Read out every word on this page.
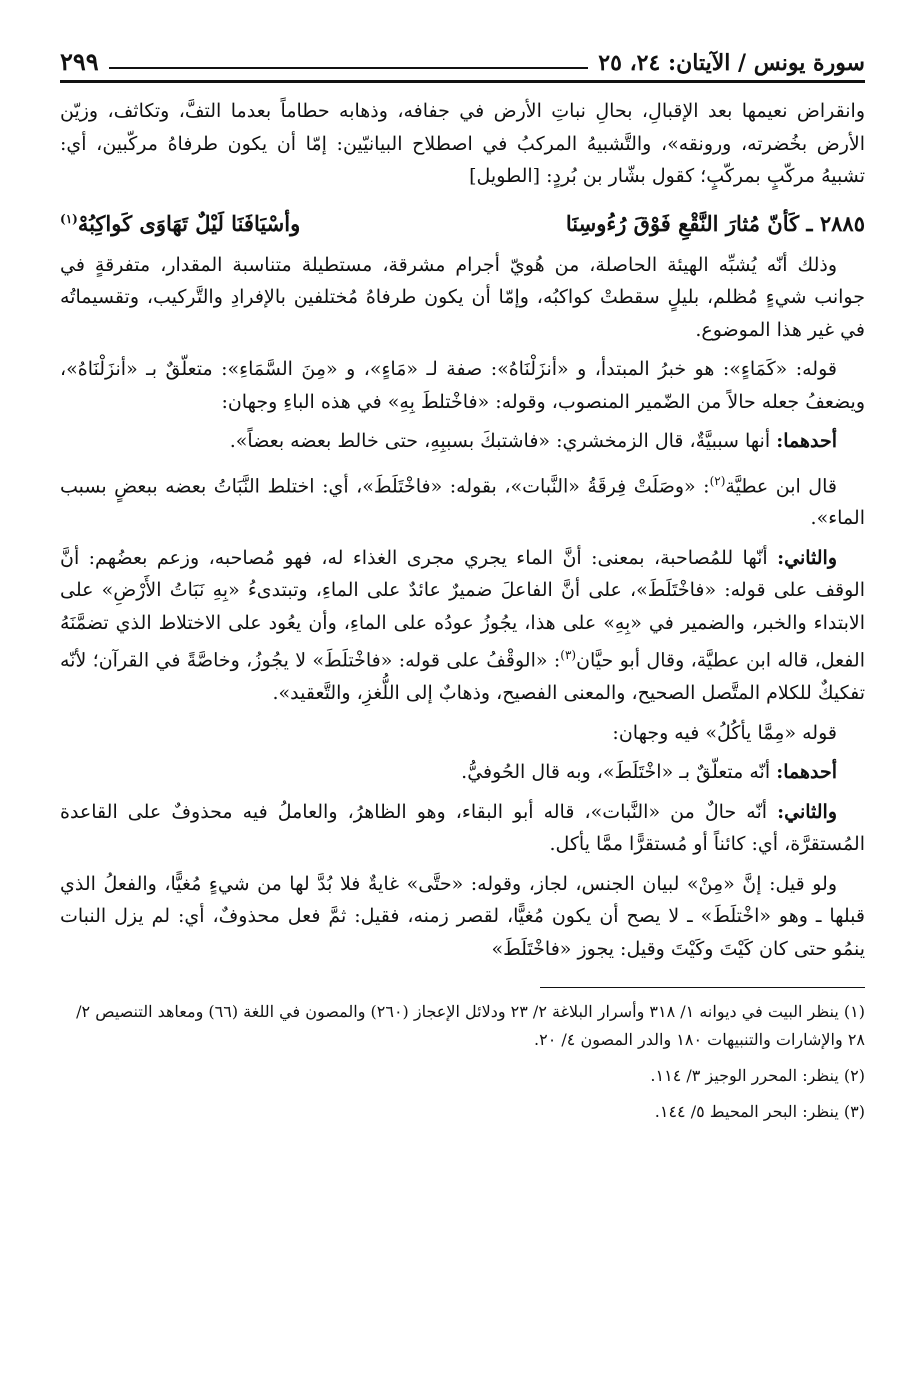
سورة يونس / الآيتان: ٢٤، ٢٥
٢٩٩

وانقراض نعيمها بعد الإقبالِ، بحالِ نباتِ الأرض في جفافه، وذهابه حطاماً بعدما التفَّ، وتكاثف، وزيّن الأرض بخُضرته، ورونقه»، والتَّشبيهُ المركبُ في اصطلاح البيانيّين: إمّا أن يكون طرفاهُ مركّبين، أي: تشبيهُ مركّبٍ بمركّبٍ؛ كقول بشّار بن بُردٍ: [الطويل]

٢٨٨٥ ـ كَأنّ مُثارَ النَّقْعِ فَوْقَ رُءُوسِنَا
وأسْيَافَنَا لَيْلٌ تَهَاوَى كَواكِبُهْ$^{(١)}$

وذلك أنّه يُشبِّه الهيئة الحاصلة، من هُويّ أجرام مشرقة، مستطيلة متناسبة المقدار، متفرقةٍ في جوانب شيءٍ مُظلم، بليلٍ سقطتْ كواكبُه، وإمّا أن يكون طرفاهُ مُختلفين بالإفرادِ والتَّركيب، وتقسيماتُه في غير هذا الموضوع.

قوله: «كَمَاءٍ»: هو خبرُ المبتدأ، و «أنزَلْنَاهُ»: صفة لـ «مَاءٍ»، و «مِنَ السَّمَاءِ»: متعلّقٌ بـ «أنزَلْنَاهُ»، ويضعفُ جعله حالاً من الضّمير المنصوب، وقوله: «فاخْتلطَ بِهِ» في هذه الباءِ وجهان:

أحدهما: أنها سببيَّةٌ، قال الزمخشري: «فاشتبكَ بسببِهِ، حتى خالط بعضه بعضاً».

قال ابن عطيَّة$^{(٢)}$: «وصَلَتْ فِرقَةُ «النَّبات»، بقوله: «فاخْتَلَطَ»، أي: اختلط النَّبَاتُ بعضه ببعضٍ بسبب الماء».

والثاني: أنّها للمُصاحبة، بمعنى: أنَّ الماء يجري مجرى الغذاء له، فهو مُصاحبه، وزعم بعضُهم: أنَّ الوقف على قوله: «فاخْتَلَطَ»، على أنَّ الفاعلَ ضميرٌ عائدٌ على الماءِ، وتبتدىءُ «بِهِ نَبَاتُ الأَرْضِ» على الابتداء والخبر، والضمير في «بِهِ» على هذا، يجُوزُ عودُه على الماءِ، وأن يعُود على الاختلاط الذي تضمَّنَهُ الفعل، قاله ابن عطيَّة، وقال أبو حيَّان$^{(٣)}$: «الوقْفُ على قوله: «فاخْتلَطَ» لا يجُوزُ، وخاصَّةً في القرآن؛ لأنّه تفكيكٌ للكلام المتَّصل الصحيح، والمعنى الفصيح، وذهابٌ إلى اللُّغزِ، والتَّعقيد».

قوله «مِمَّا يأكُلُ» فيه وجهان:

أحدهما: أنّه متعلّقٌ بـ «اخْتَلَطَ»، وبه قال الحُوفيُّ.

والثاني: أنّه حالٌ من «النَّبات»، قاله أبو البقاء، وهو الظاهرُ، والعاملُ فيه محذوفٌ على القاعدة المُستقرَّة، أي: كائناً أو مُستقرًّا ممَّا يأكل.

ولو قيل: إنَّ «مِنْ» لبيان الجنس، لجاز، وقوله: «حتَّى» غايةٌ فلا بُدَّ لها من شيءٍ مُغيًّا، والفعلُ الذي قبلها ـ وهو «اخْتلَطَ» ـ لا يصح أن يكون مُغيًّا، لقصر زمنه، فقيل: ثمَّ فعل محذوفٌ، أي: لم يزل النبات ينمُو حتى كان كَيْتَ وكَيْتَ وقيل: يجوز «فاخْتَلَطَ»

(١) ينظر البيت في ديوانه ١/ ٣١٨ وأسرار البلاغة ٢/ ٢٣ ودلائل الإعجاز (٢٦٠) والمصون في اللغة (٦٦) ومعاهد التنصيص ٢/ ٢٨ والإشارات والتنبيهات ١٨٠ والدر المصون ٤/ ٢٠.

(٢) ينظر: المحرر الوجيز ٣/ ١١٤.

(٣) ينظر: البحر المحيط ٥/ ١٤٤.
